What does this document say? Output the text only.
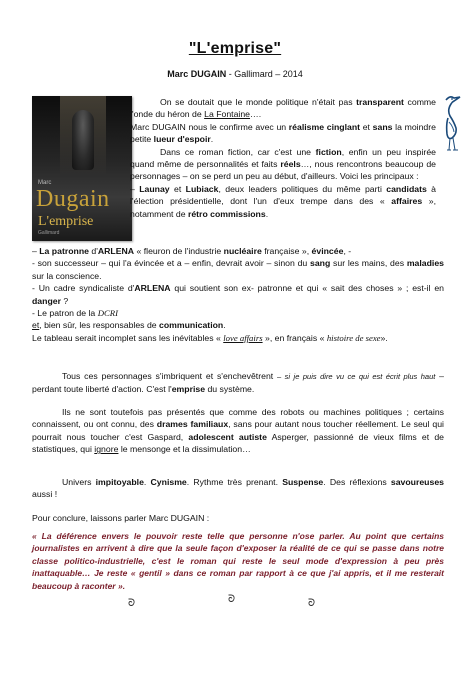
"L'emprise"
Marc DUGAIN - Gallimard – 2014
Marc
Dugain
L'emprise
Gallimard

On se doutait que le monde politique n'était pas transparent comme l'onde du héron de La Fontaine….

Marc DUGAIN nous le confirme avec un réalisme cinglant et sans la moindre petite lueur d'espoir.

Dans ce roman fiction, car c'est une fiction, enfin un peu inspirée quand même de personnalités et faits réels…, nous rencontrons beaucoup de personnages – on se perd un peu au début, d'ailleurs. Voici les principaux :

– Launay et Lubiack, deux leaders politiques du même parti candidats à l'élection présidentielle, dont l'un d'eux trempe dans des « affaires », notamment de rétro commissions.

– La patronne d'ARLENA « fleuron de l'industrie nucléaire française », évincée, -

- son successeur – qui l'a évincée et a – enfin, devrait avoir – sinon du sang sur les mains, des maladies sur la conscience.

- Un cadre syndicaliste d'ARLENA qui soutient son ex- patronne et qui « sait des choses » ; est-il en danger ?

- Le patron de la DCRI

et, bien sûr, les responsables de communication.

Le tableau serait incomplet sans les inévitables « love affairs », en français « histoire de sexe».

Tous ces personnages s'imbriquent et s'enchevêtrent – si je puis dire vu ce qui est écrit plus haut – perdant toute liberté d'action. C'est l'emprise du système.

Ils ne sont toutefois pas présentés que comme des robots ou machines politiques ; certains connaissent, ou ont connu, des drames familiaux, sans pour autant nous toucher réellement. Le seul qui pourrait nous toucher c'est Gaspard, adolescent autiste Asperger, passionné de vieux films et de statistiques, qui ignore le mensonge et la dissimulation…

Univers impitoyable. Cynisme. Rythme très prenant. Suspense. Des réflexions savoureuses aussi !

Pour conclure, laissons parler Marc DUGAIN :

« La déférence envers le pouvoir reste telle que personne n'ose parler. Au point que certains journalistes en arrivent à dire que la seule façon d'exposer la réalité de ce qui se passe dans notre classe politico-industrielle, c'est le roman qui reste le seul mode d'expression à peu près inattaquable… Je reste « gentil » dans ce roman par rapport à ce que j'ai appris, et il me resterait beaucoup à raconter ».

ᘐ	ᘐ	ᘐ
